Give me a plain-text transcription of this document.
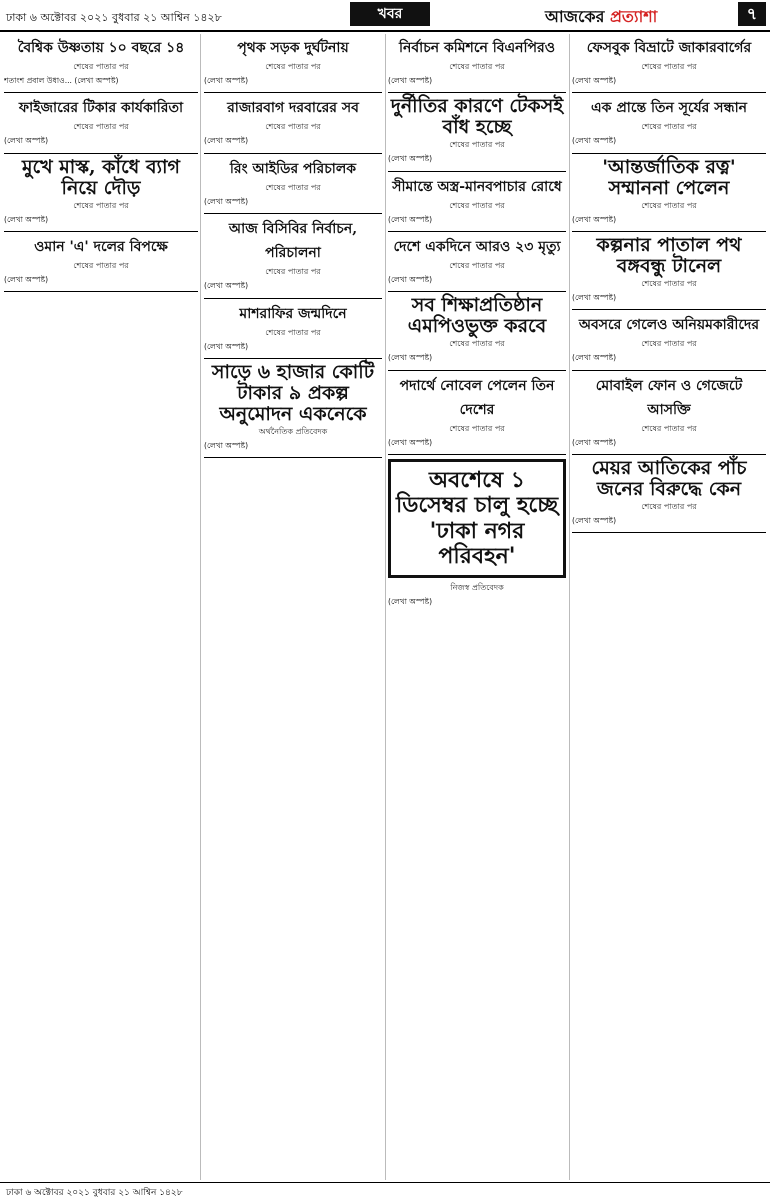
ঢাকা ৬ অক্টোবর ২০২১ বুধবার ২১ আশ্বিন ১৪২৮	খবর	আজকের প্রত্যাশা	৭
বৈশ্বিক উষ্ণতায় ১০ বছরে ১৪
শেষের পাতার পর
শতাংশ প্রবাল উধাও... (লেখা অস্পষ্ট)
ফাইজারের টিকার কার্যকারিতা
শেষের পাতার পর
(লেখা অস্পষ্ট)
মুখে মাস্ক, কাঁধে ব্যাগ নিয়ে দৌড়
শেষের পাতার পর
(লেখা অস্পষ্ট)
ওমান 'এ' দলের বিপক্ষে
শেষের পাতার পর
(লেখা অস্পষ্ট)
পৃথক সড়ক দুর্ঘটনায়
শেষের পাতার পর
(লেখা অস্পষ্ট)
রাজারবাগ দরবারের সব
শেষের পাতার পর
(লেখা অস্পষ্ট)
রিং আইডির পরিচালক
শেষের পাতার পর
(লেখা অস্পষ্ট)
আজ বিসিবির নির্বাচন, পরিচালনা
শেষের পাতার পর
(লেখা অস্পষ্ট)
মাশরাফির জন্মদিনে
শেষের পাতার পর
(লেখা অস্পষ্ট)
সাড়ে ৬ হাজার কোটি টাকার ৯ প্রকল্প অনুমোদন একনেকে
অর্থনৈতিক প্রতিবেদক
(লেখা অস্পষ্ট)
নির্বাচন কমিশনে বিএনপিরও
শেষের পাতার পর
(লেখা অস্পষ্ট)
দুর্নীতির কারণে টেকসই বাঁধ হচ্ছে
শেষের পাতার পর
(লেখা অস্পষ্ট)
সীমান্তে অস্ত্র-মানবপাচার রোধে
শেষের পাতার পর
(লেখা অস্পষ্ট)
দেশে একদিনে আরও ২৩ মৃত্যু
শেষের পাতার পর
(লেখা অস্পষ্ট)
সব শিক্ষাপ্রতিষ্ঠান এমপিওভুক্ত করবে
শেষের পাতার পর
(লেখা অস্পষ্ট)
পদার্থে নোবেল পেলেন তিন দেশের
শেষের পাতার পর
(লেখা অস্পষ্ট)
অবশেষে ১ ডিসেম্বর চালু হচ্ছে 'ঢাকা নগর পরিবহন'
নিজস্ব প্রতিবেদক
(লেখা অস্পষ্ট)
ফেসবুক বিভ্রাটে জাকারবার্গের
শেষের পাতার পর
(লেখা অস্পষ্ট)
এক প্রান্তে তিন সূর্যের সন্ধান
শেষের পাতার পর
(লেখা অস্পষ্ট)
'আন্তর্জাতিক রত্ন' সম্মাননা পেলেন
শেষের পাতার পর
(লেখা অস্পষ্ট)
কল্পনার পাতাল পথ বঙ্গবন্ধু টানেল
শেষের পাতার পর
(লেখা অস্পষ্ট)
অবসরে গেলেও অনিয়মকারীদের
শেষের পাতার পর
(লেখা অস্পষ্ট)
মোবাইল ফোন ও গেজেটে আসক্তি
শেষের পাতার পর
(লেখা অস্পষ্ট)
মেয়র আতিকের পাঁচ জনের বিরুদ্ধে কেন
শেষের পাতার পর
(লেখা অস্পষ্ট)
ঢাকা ৬ অক্টোবর ২০২১ বুধবার ২১ আশ্বিন ১৪২৮
